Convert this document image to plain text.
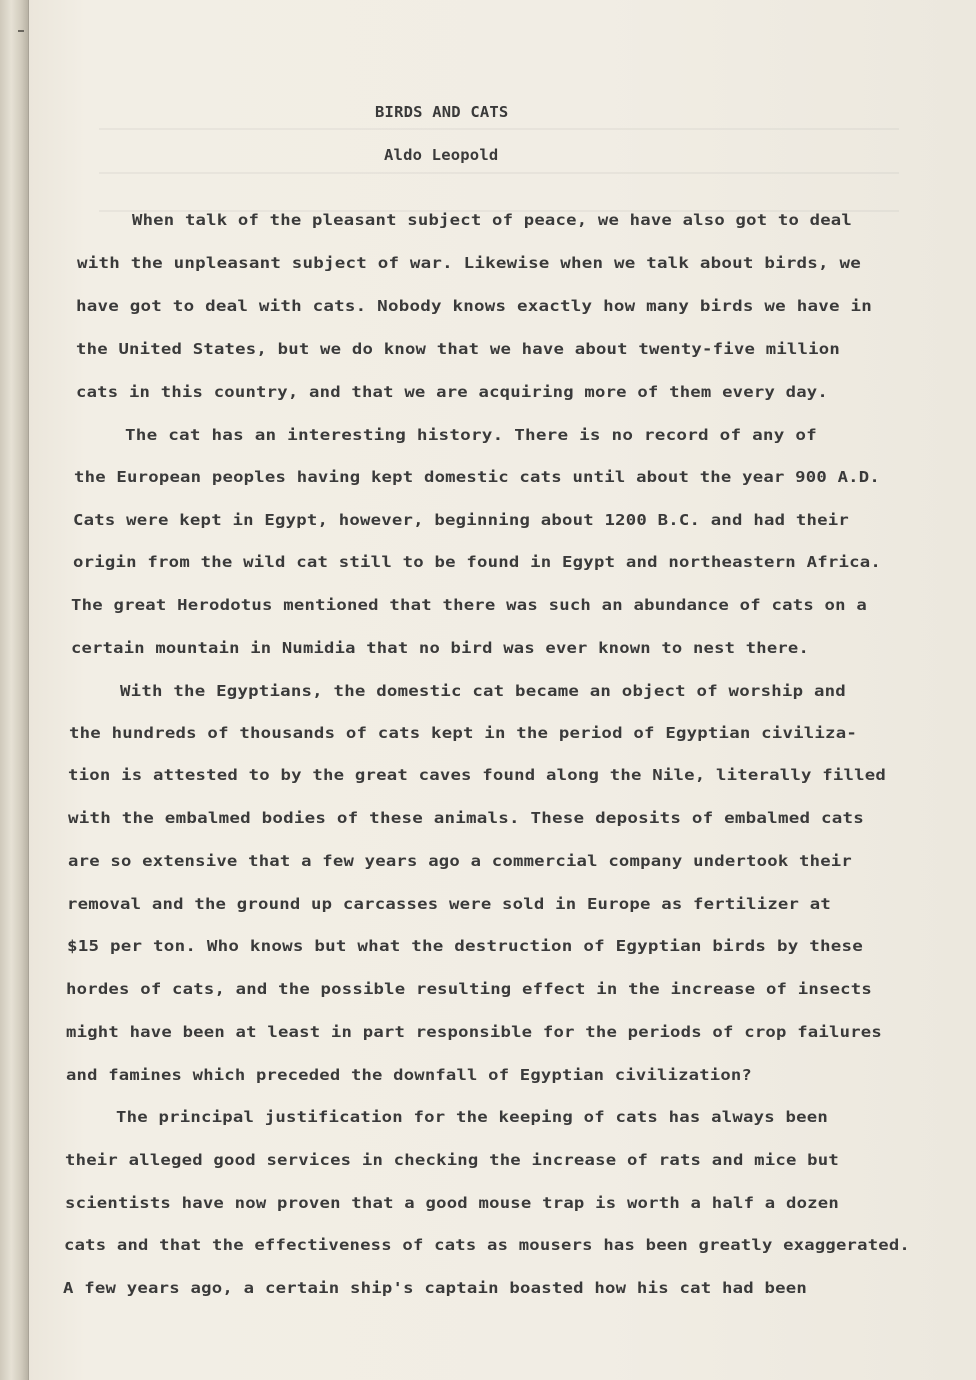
BIRDS AND CATS
Aldo Leopold
When talk of the pleasant subject of peace, we have also got to deal
with the unpleasant subject of war. Likewise when we talk about birds, we
have got to deal with cats. Nobody knows exactly how many birds we have in
the United States, but we do know that we have about twenty-five million
cats in this country, and that we are acquiring more of them every day.
The cat has an interesting history. There is no record of any of
the European peoples having kept domestic cats until about the year 900 A.D.
Cats were kept in Egypt, however, beginning about 1200 B.C. and had their
origin from the wild cat still to be found in Egypt and northeastern Africa.
The great Herodotus mentioned that there was such an abundance of cats on a
certain mountain in Numidia that no bird was ever known to nest there.
With the Egyptians, the domestic cat became an object of worship and
the hundreds of thousands of cats kept in the period of Egyptian civiliza-
tion is attested to by the great caves found along the Nile, literally filled
with the embalmed bodies of these animals. These deposits of embalmed cats
are so extensive that a few years ago a commercial company undertook their
removal and the ground up carcasses were sold in Europe as fertilizer at
$15 per ton. Who knows but what the destruction of Egyptian birds by these
hordes of cats, and the possible resulting effect in the increase of insects
might have been at least in part responsible for the periods of crop failures
and famines which preceded the downfall of Egyptian civilization?
The principal justification for the keeping of cats has always been
their alleged good services in checking the increase of rats and mice but
scientists have now proven that a good mouse trap is worth a half a dozen
cats and that the effectiveness of cats as mousers has been greatly exaggerated.
A few years ago, a certain ship's captain boasted how his cat had been
